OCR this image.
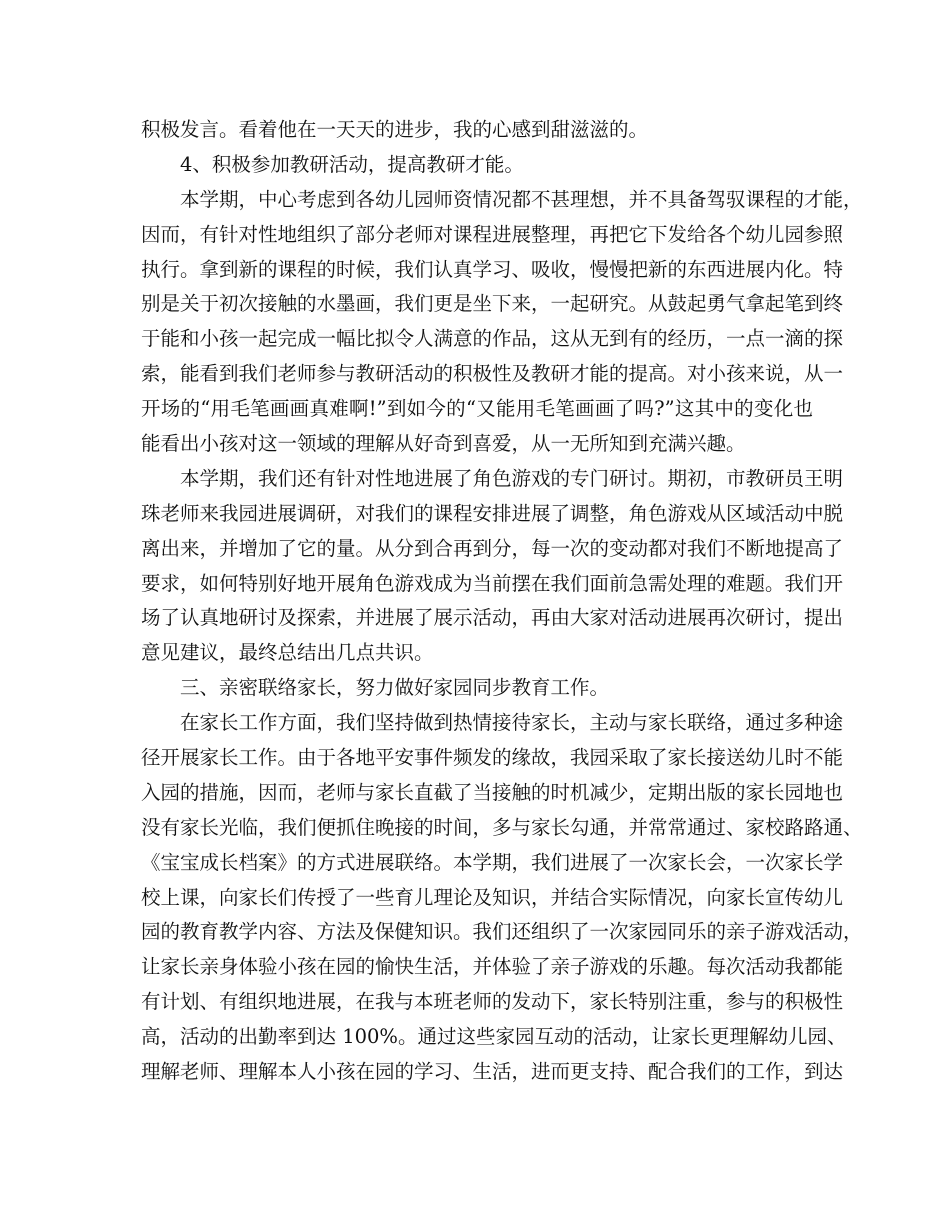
积极发言。看着他在一天天的进步，我的心感到甜滋滋的。
4、积极参加教研活动，提高教研才能。
本学期，中心考虑到各幼儿园师资情况都不甚理想，并不具备驾驭课程的才能，
因而，有针对性地组织了部分老师对课程进展整理，再把它下发给各个幼儿园参照
执行。拿到新的课程的时候，我们认真学习、吸收，慢慢把新的东西进展内化。特
别是关于初次接触的水墨画，我们更是坐下来，一起研究。从鼓起勇气拿起笔到终
于能和小孩一起完成一幅比拟令人满意的作品，这从无到有的经历，一点一滴的探
索，能看到我们老师参与教研活动的积极性及教研才能的提高。对小孩来说，从一
开场的“用毛笔画画真难啊!”到如今的“又能用毛笔画画了吗?”这其中的变化也
能看出小孩对这一领域的理解从好奇到喜爱，从一无所知到充满兴趣。
本学期，我们还有针对性地进展了角色游戏的专门研讨。期初，市教研员王明
珠老师来我园进展调研，对我们的课程安排进展了调整，角色游戏从区域活动中脱
离出来，并增加了它的量。从分到合再到分，每一次的变动都对我们不断地提高了
要求，如何特别好地开展角色游戏成为当前摆在我们面前急需处理的难题。我们开
场了认真地研讨及探索，并进展了展示活动，再由大家对活动进展再次研讨，提出
意见建议，最终总结出几点共识。
三、亲密联络家长，努力做好家园同步教育工作。
在家长工作方面，我们坚持做到热情接待家长，主动与家长联络，通过多种途
径开展家长工作。由于各地平安事件频发的缘故，我园采取了家长接送幼儿时不能
入园的措施，因而，老师与家长直截了当接触的时机减少，定期出版的家长园地也
没有家长光临，我们便抓住晚接的时间，多与家长勾通，并常常通过、家校路路通、
《宝宝成长档案》的方式进展联络。本学期，我们进展了一次家长会，一次家长学
校上课，向家长们传授了一些育儿理论及知识，并结合实际情况，向家长宣传幼儿
园的教育教学内容、方法及保健知识。我们还组织了一次家园同乐的亲子游戏活动，
让家长亲身体验小孩在园的愉快生活，并体验了亲子游戏的乐趣。每次活动我都能
有计划、有组织地进展，在我与本班老师的发动下，家长特别注重，参与的积极性
高，活动的出勤率到达 100%。通过这些家园互动的活动，让家长更理解幼儿园、
理解老师、理解本人小孩在园的学习、生活，进而更支持、配合我们的工作，到达
